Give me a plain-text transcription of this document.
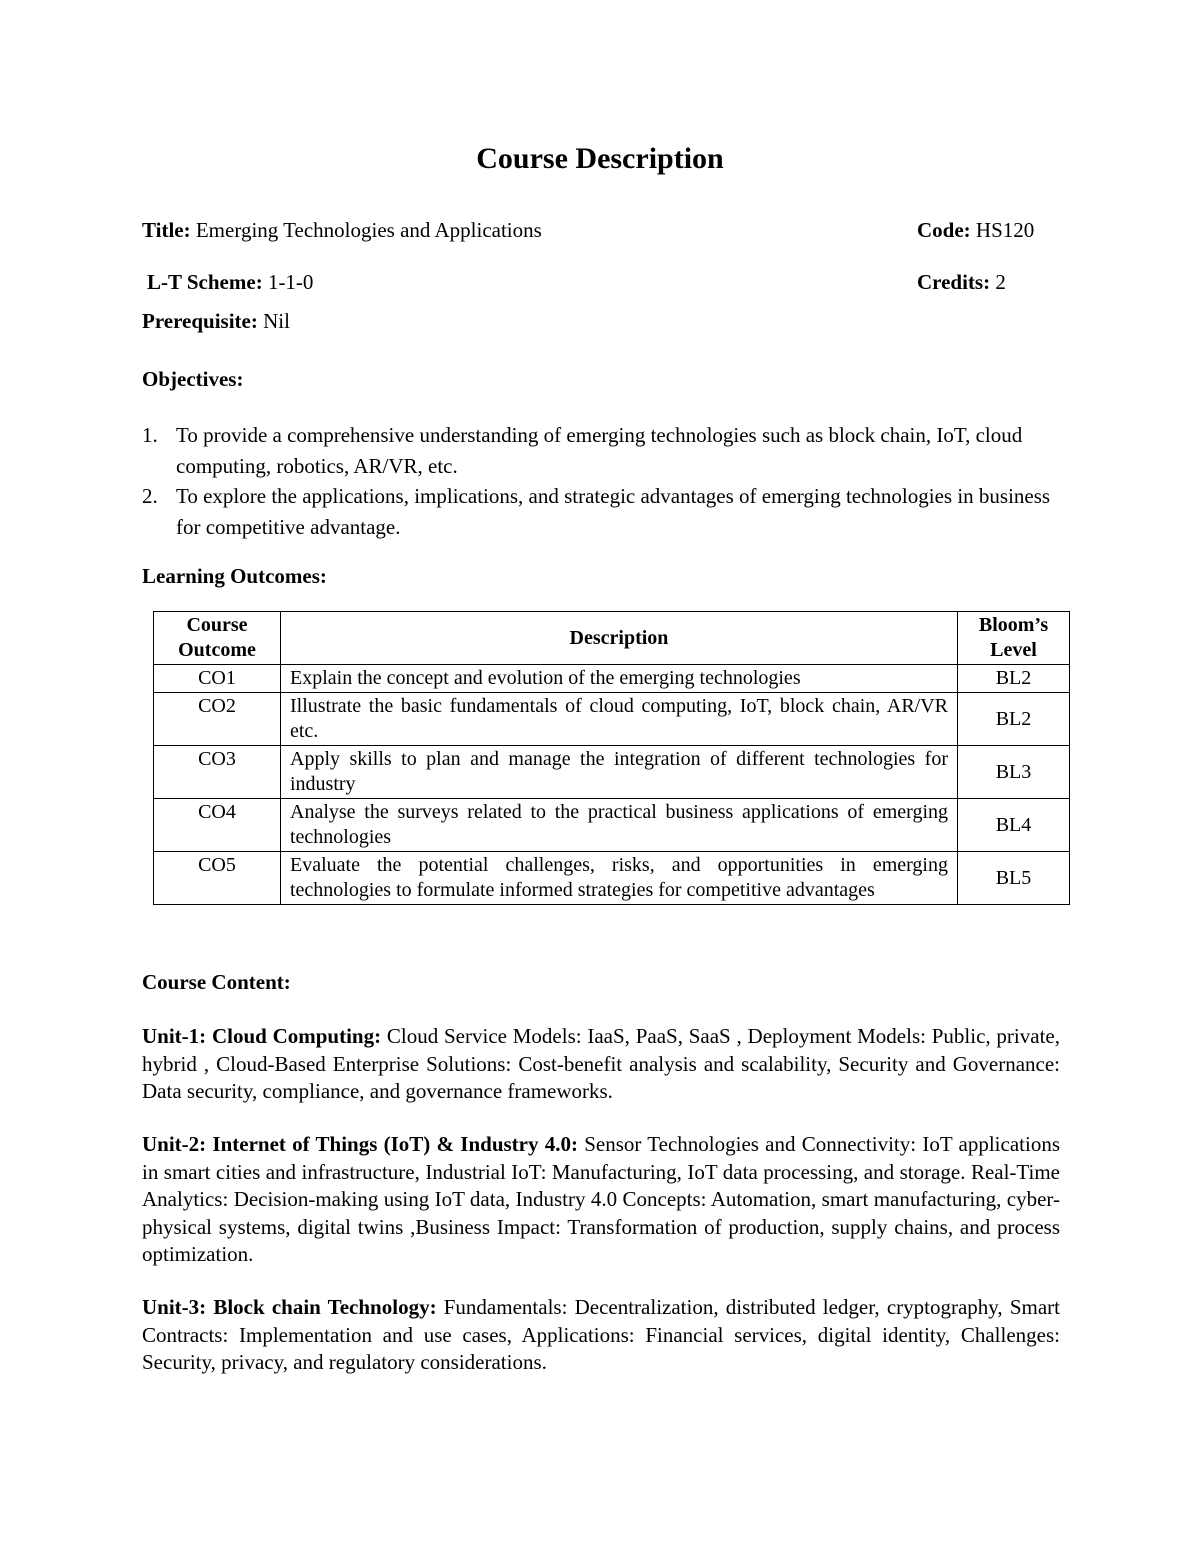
Course Description
Title: Emerging Technologies and Applications	Code: HS120
L-T Scheme: 1-1-0	Credits: 2
Prerequisite: Nil
Objectives:
1. To provide a comprehensive understanding of emerging technologies such as block chain, IoT, cloud computing, robotics, AR/VR, etc.
2. To explore the applications, implications, and strategic advantages of emerging technologies in business for competitive advantage.
Learning Outcomes:
Course Outcome	Description	Bloom’s Level
CO1	Explain the concept and evolution of the emerging technologies	BL2
CO2	Illustrate the basic fundamentals of cloud computing, IoT, block chain, AR/VR etc.	BL2
CO3	Apply skills to plan and manage the integration of different technologies for industry	BL3
CO4	Analyse the surveys related to the practical business applications of emerging technologies	BL4
CO5	Evaluate the potential challenges, risks, and opportunities in emerging technologies to formulate informed strategies for competitive advantages	BL5
Course Content:
Unit-1: Cloud Computing: Cloud Service Models: IaaS, PaaS, SaaS , Deployment Models: Public, private, hybrid , Cloud-Based Enterprise Solutions: Cost-benefit analysis and scalability, Security and Governance: Data security, compliance, and governance frameworks.
Unit-2: Internet of Things (IoT) & Industry 4.0: Sensor Technologies and Connectivity: IoT applications in smart cities and infrastructure, Industrial IoT: Manufacturing, IoT data processing, and storage. Real-Time Analytics: Decision-making using IoT data, Industry 4.0 Concepts: Automation, smart manufacturing, cyber-physical systems, digital twins ,Business Impact: Transformation of production, supply chains, and process optimization.
Unit-3: Block chain Technology: Fundamentals: Decentralization, distributed ledger, cryptography, Smart Contracts: Implementation and use cases, Applications: Financial services, digital identity, Challenges: Security, privacy, and regulatory considerations.
